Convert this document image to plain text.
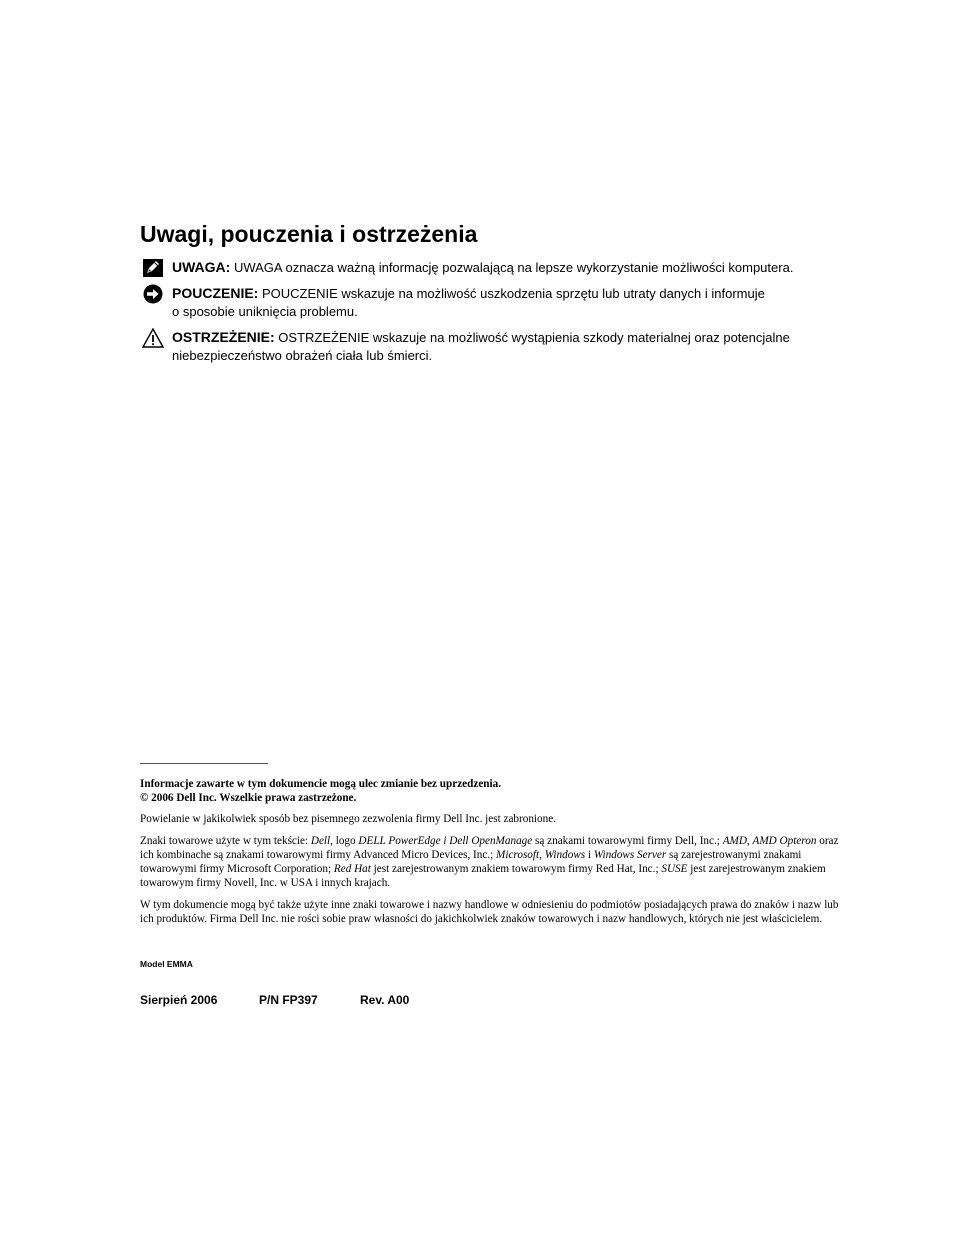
Uwagi, pouczenia i ostrzeżenia
UWAGA: UWAGA oznacza ważną informację pozwalającą na lepsze wykorzystanie możliwości komputera.
POUCZENIE: POUCZENIE wskazuje na możliwość uszkodzenia sprzętu lub utraty danych i informuje
o sposobie uniknięcia problemu.
OSTRZEŻENIE: OSTRZEŻENIE wskazuje na możliwość wystąpienia szkody materialnej oraz potencjalne
niebezpieczeństwo obrażeń ciała lub śmierci.

Informacje zawarte w tym dokumencie mogą ulec zmianie bez uprzedzenia.

© 2006 Dell Inc. Wszelkie prawa zastrzeżone.

Powielanie w jakikolwiek sposób bez pisemnego zezwolenia firmy Dell Inc. jest zabronione.

Znaki towarowe użyte w tym tekście: Dell, logo DELL PowerEdge i Dell OpenManage są znakami towarowymi firmy Dell, Inc.; AMD, AMD Opteron oraz ich kombinache są znakami towarowymi firmy Advanced Micro Devices, Inc.; Microsoft, Windows i Windows Server są zarejestrowanymi znakami towarowymi firmy Microsoft Corporation; Red Hat jest zarejestrowanym znakiem towarowym firmy Red Hat, Inc.; SUSE jest zarejestrowanym znakiem towarowym firmy Novell, Inc. w USA i innych krajach.

W tym dokumencie mogą być także użyte inne znaki towarowe i nazwy handlowe w odniesieniu do podmiotów posiadających prawa do znaków i nazw lub ich produktów. Firma Dell Inc. nie rości sobie praw własności do jakichkolwiek znaków towarowych i nazw handlowych, których nie jest właścicielem.

Model EMMA
Sierpień 2006	P/N FP397	Rev. A00
